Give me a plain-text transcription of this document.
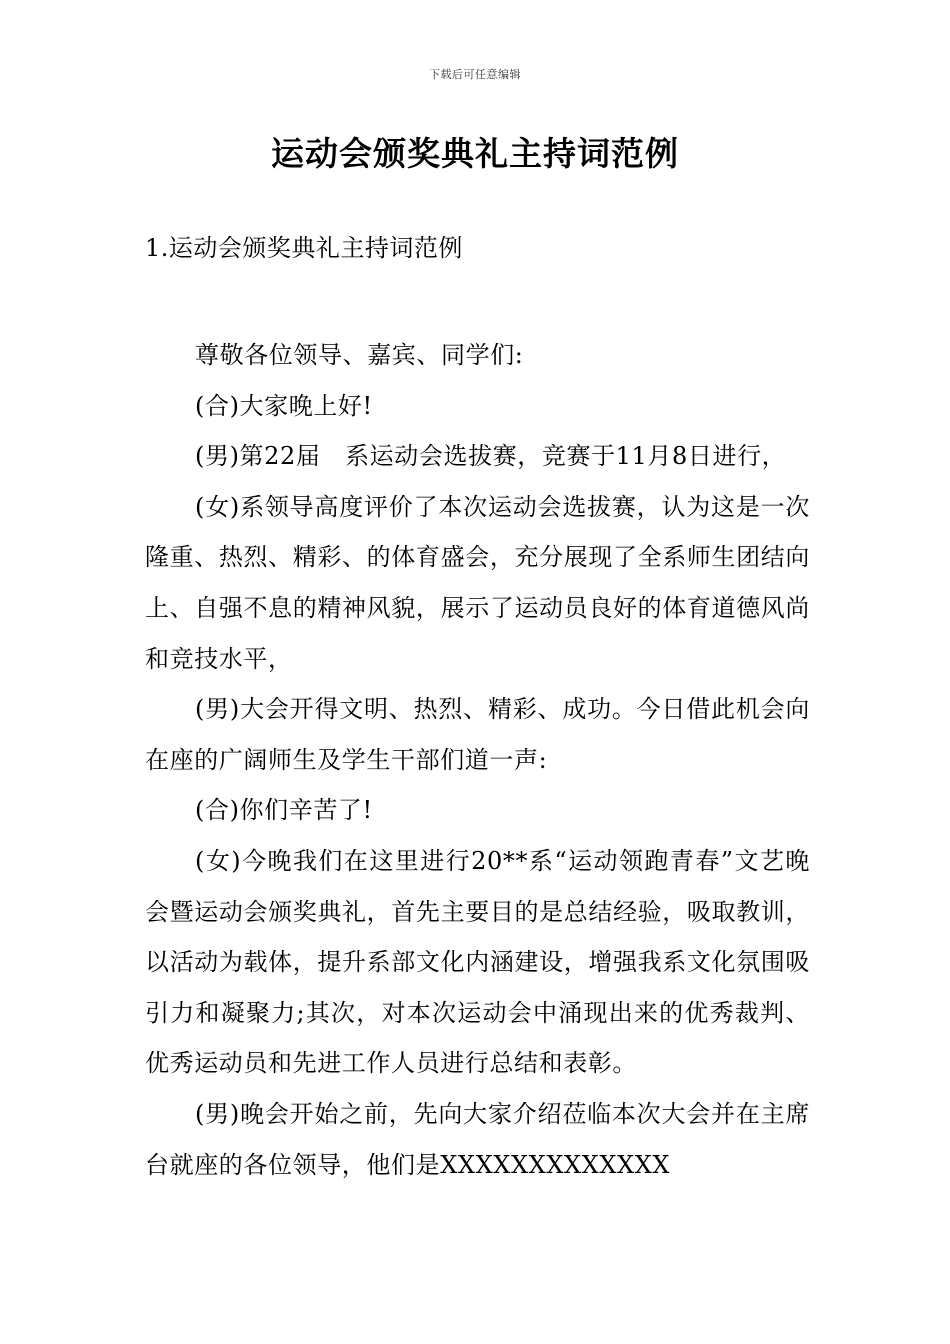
下载后可任意编辑
运动会颁奖典礼主持词范例
1.运动会颁奖典礼主持词范例

尊敬各位领导、嘉宾、同学们:

(合)大家晚上好!

(男)第22届　系运动会选拔赛，竞赛于11月8日进行，

(女)系领导高度评价了本次运动会选拔赛，认为这是一次隆重、热烈、精彩、的体育盛会，充分展现了全系师生团结向上、自强不息的精神风貌，展示了运动员良好的体育道德风尚和竞技水平，

(男)大会开得文明、热烈、精彩、成功。今日借此机会向在座的广阔师生及学生干部们道一声:

(合)你们辛苦了!

(女)今晚我们在这里进行20**系“运动领跑青春”文艺晚会暨运动会颁奖典礼，首先主要目的是总结经验，吸取教训，以活动为载体，提升系部文化内涵建设，增强我系文化氛围吸引力和凝聚力;其次，对本次运动会中涌现出来的优秀裁判、优秀运动员和先进工作人员进行总结和表彰。

(男)晚会开始之前，先向大家介绍莅临本次大会并在主席台就座的各位领导，他们是XXXXXXXXXXXXX
